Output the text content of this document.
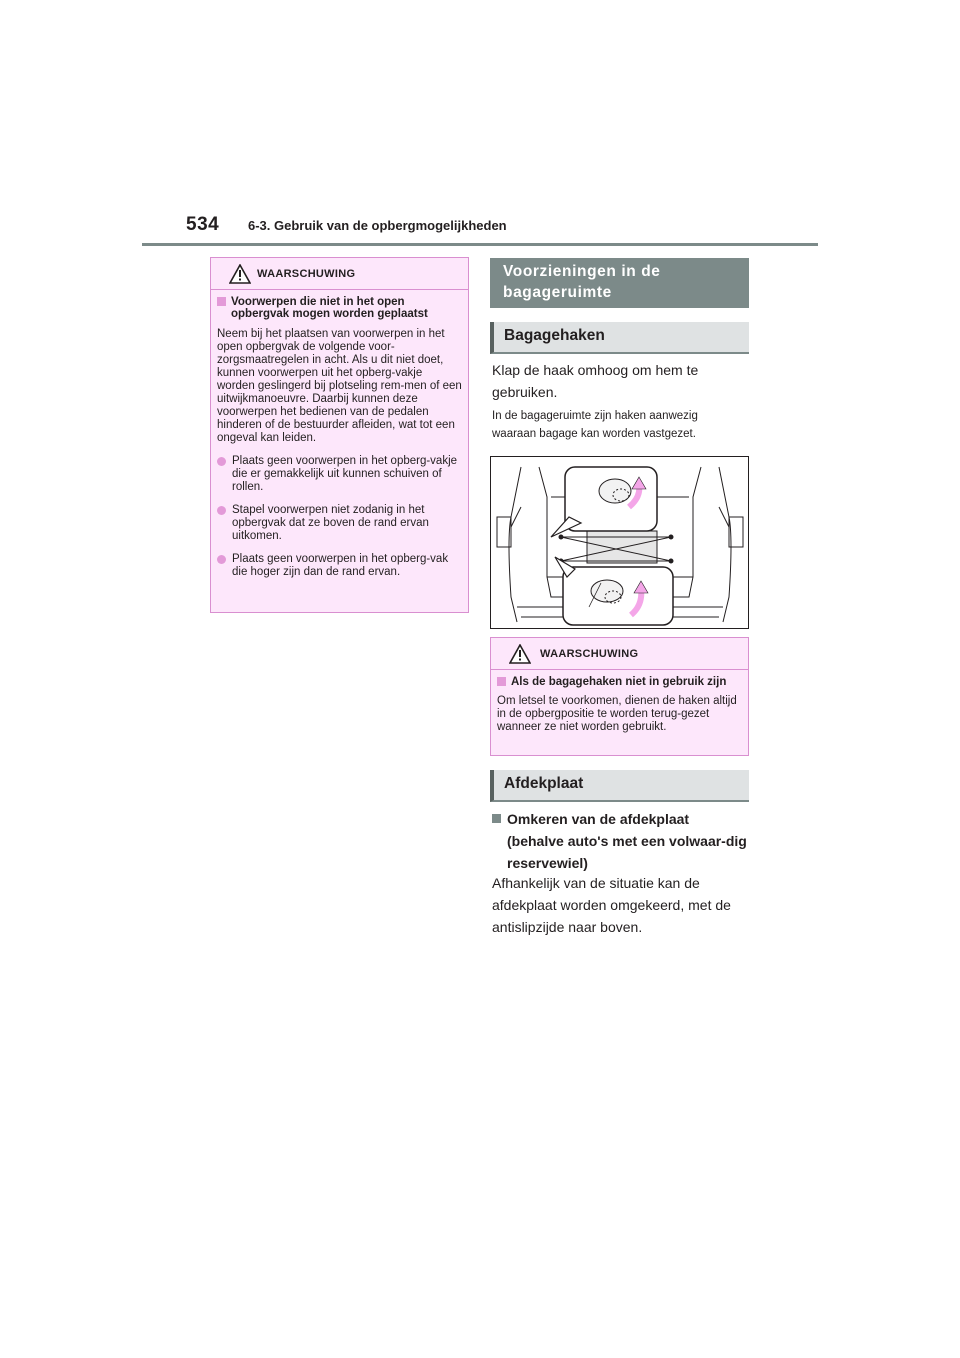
534 6-3. Gebruik van de opbergmogelijkheden
WAARSCHUWING
Voorwerpen die niet in het open opbergvak mogen worden geplaatst

Neem bij het plaatsen van voorwerpen in het open opbergvak de volgende voor-zorgsmaatregelen in acht. Als u dit niet doet, kunnen voorwerpen uit het opberg-vakje worden geslingerd bij plotseling rem-men of een uitwijkmanoeuvre. Daarbij kunnen deze voorwerpen het bedienen van de pedalen hinderen of de bestuurder afleiden, wat tot een ongeval kan leiden.

Plaats geen voorwerpen in het opberg-vakje die er gemakkelijk uit kunnen schuiven of rollen.
Stapel voorwerpen niet zodanig in het opbergvak dat ze boven de rand ervan uitkomen.
Plaats geen voorwerpen in het opberg-vak die hoger zijn dan de rand ervan.
Voorzieningen in de bagageruimte
Bagagehaken

Klap de haak omhoog om hem te gebruiken.

In de bagageruimte zijn haken aanwezig waaraan bagage kan worden vastgezet.

WAARSCHUWING
Als de bagagehaken niet in gebruik zijn

Om letsel te voorkomen, dienen de haken altijd in de opbergpositie te worden terug-gezet wanneer ze niet worden gebruikt.

Afdekplaat
Omkeren van de afdekplaat (behalve auto's met een volwaar-dig reservewiel)

Afhankelijk van de situatie kan de afdekplaat worden omgekeerd, met de antislipzijde naar boven.
